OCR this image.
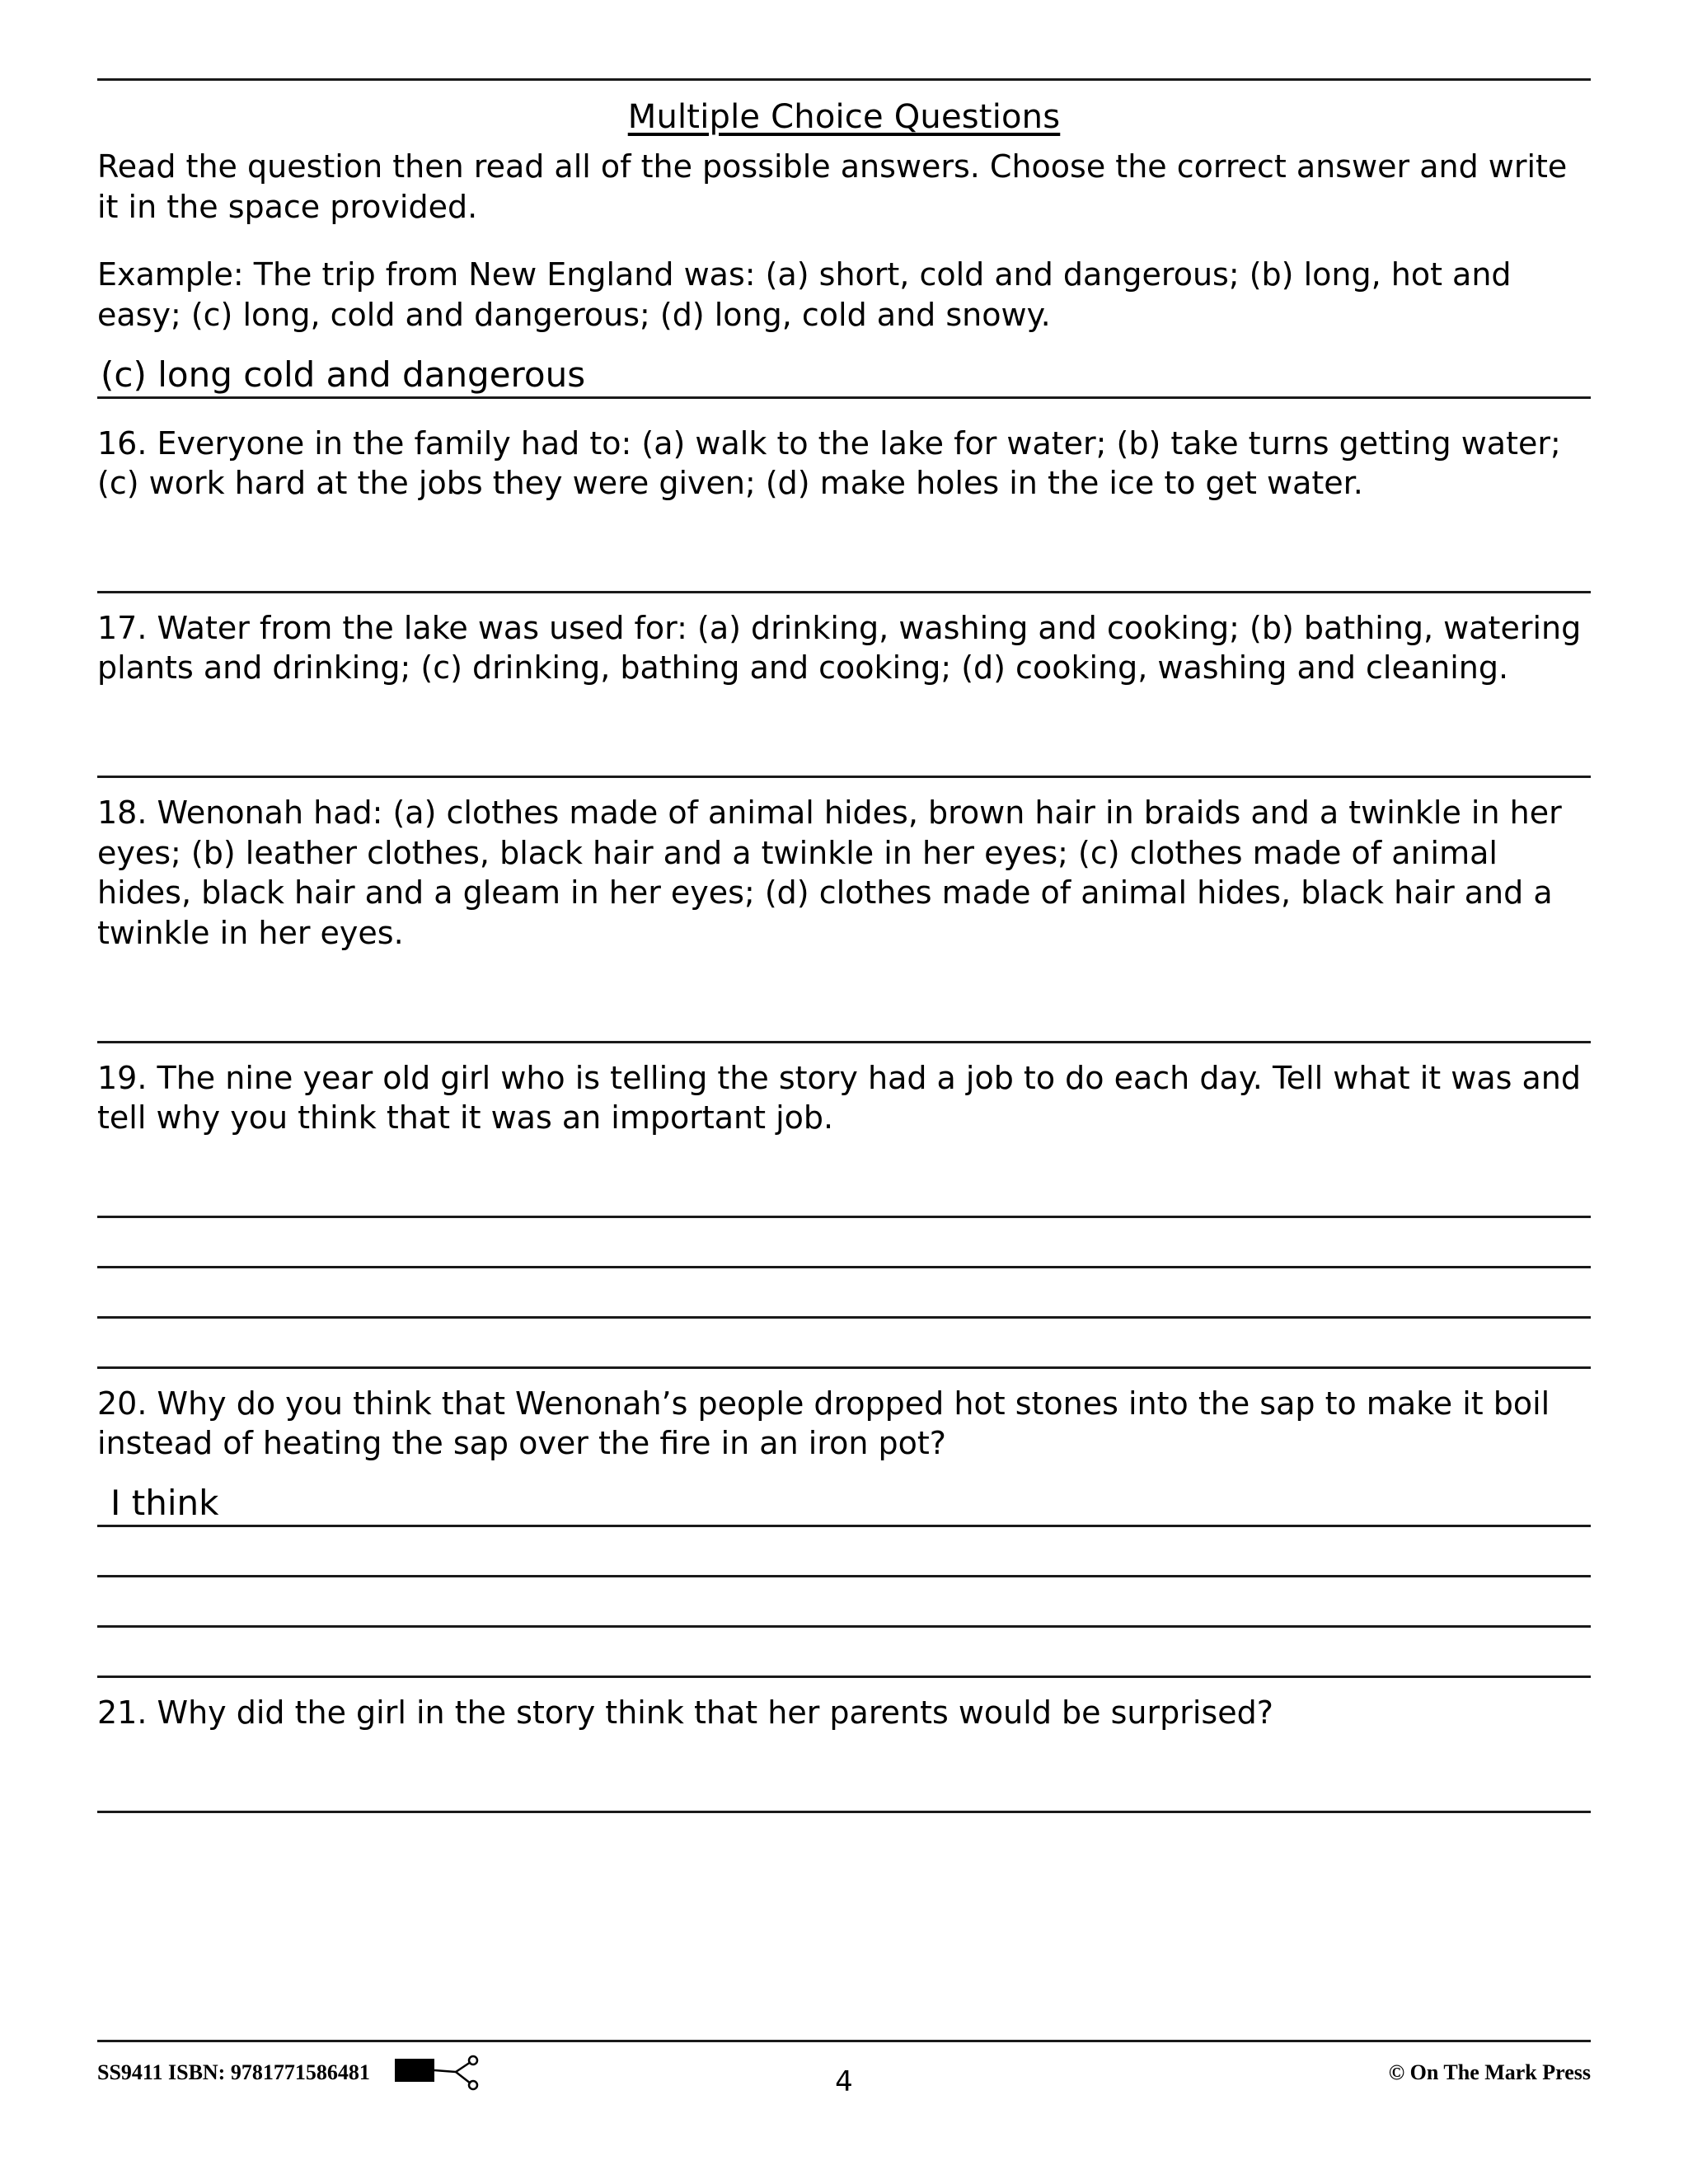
Multiple Choice Questions

Read the question then read all of the possible answers. Choose the correct answer and write it in the space provided.

Example: The trip from New England was: (a) short, cold and dangerous; (b) long, hot and easy; (c) long, cold and dangerous; (d) long, cold and snowy.

(c) long cold and dangerous

16. Everyone in the family had to: (a) walk to the lake for water; (b) take turns getting water; (c) work hard at the jobs they were given; (d) make holes in the ice to get water.

17. Water from the lake was used for: (a) drinking, washing and cooking; (b) bathing, watering plants and drinking; (c) drinking, bathing and cooking; (d) cooking, washing and cleaning.

18. Wenonah had: (a) clothes made of animal hides, brown hair in braids and a twinkle in her eyes; (b) leather clothes, black hair and a twinkle in her eyes; (c) clothes made of animal hides, black hair and a gleam in her eyes; (d) clothes made of animal hides, black hair and a twinkle in her eyes.

19. The nine year old girl who is telling the story had a job to do each day. Tell what it was and tell why you think that it was an important job.

20. Why do you think that Wenonah’s people dropped hot stones into the sap to make it boil instead of heating the sap over the fire in an iron pot?

I think

21. Why did the girl in the story think that her parents would be surprised?

SS9411 ISBN: 9781771586481	© On The Mark Press
4
